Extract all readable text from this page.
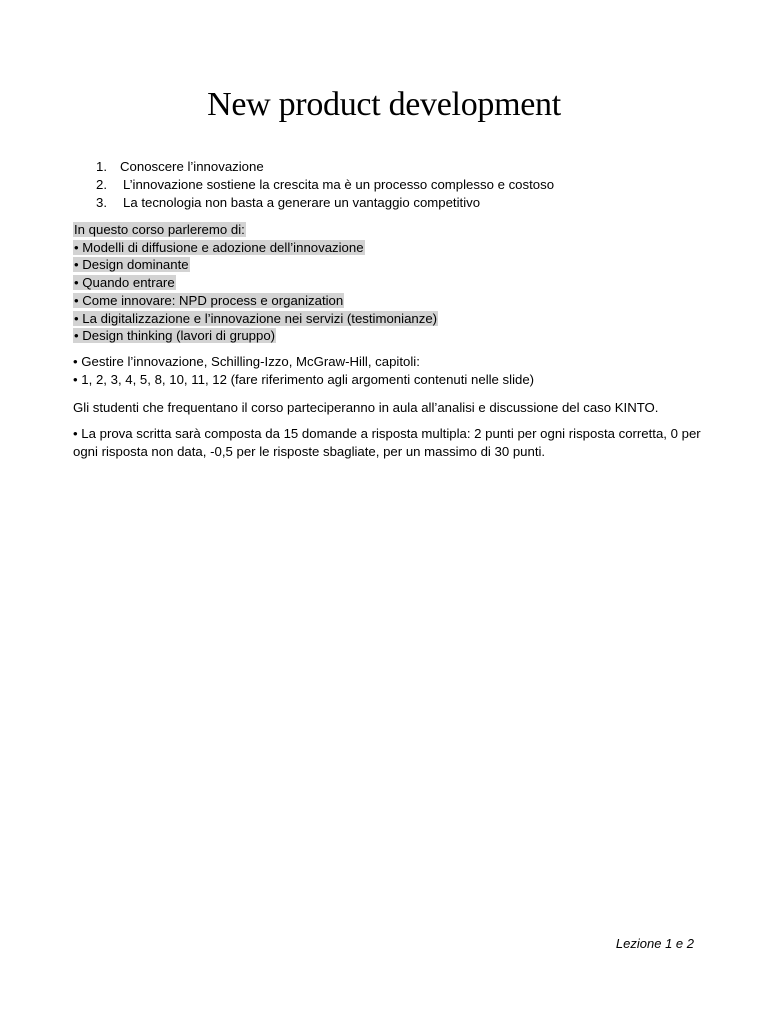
New product development
1. Conoscere l’innovazione
2.	L’innovazione sostiene la crescita ma è un processo complesso e costoso
3.	La tecnologia non basta a generare un vantaggio competitivo
In questo corso parleremo di:
• Modelli di diffusione e adozione dell’innovazione
• Design dominante
• Quando entrare
• Come innovare: NPD process e organization
• La digitalizzazione e l’innovazione nei servizi (testimonianze)
• Design thinking (lavori di gruppo)
• Gestire l’innovazione, Schilling-Izzo, McGraw-Hill, capitoli:
• 1, 2, 3, 4, 5, 8, 10, 11, 12 (fare riferimento agli argomenti contenuti nelle slide)
Gli studenti che frequentano il corso parteciperanno in aula all’analisi e discussione del caso KINTO.
• La prova scritta sarà composta da 15 domande a risposta multipla: 2 punti per ogni risposta corretta, 0 per ogni risposta non data, -0,5 per le risposte sbagliate, per un massimo di 30 punti.
Lezione 1 e 2
